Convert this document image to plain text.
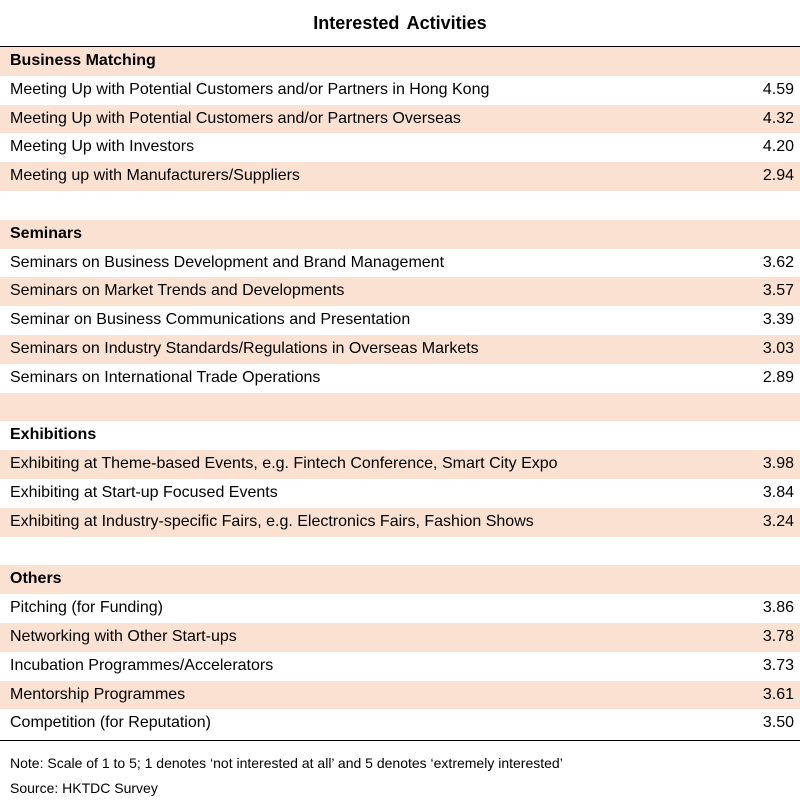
Interested Activities
Business Matching
Meeting Up with Potential Customers and/or Partners in Hong Kong	4.59
Meeting Up with Potential Customers and/or Partners Overseas	4.32
Meeting Up with Investors	4.20
Meeting up with Manufacturers/Suppliers	2.94
Seminars
Seminars on Business Development and Brand Management	3.62
Seminars on Market Trends and Developments	3.57
Seminar on Business Communications and Presentation	3.39
Seminars on Industry Standards/Regulations in Overseas Markets	3.03
Seminars on International Trade Operations	2.89
Exhibitions
Exhibiting at Theme-based Events, e.g. Fintech Conference, Smart City Expo	3.98
Exhibiting at Start-up Focused Events	3.84
Exhibiting at Industry-specific Fairs, e.g. Electronics Fairs, Fashion Shows	3.24
Others
Pitching (for Funding)	3.86
Networking with Other Start-ups	3.78
Incubation Programmes/Accelerators	3.73
Mentorship Programmes	3.61
Competition (for Reputation)	3.50
Note: Scale of 1 to 5; 1 denotes ‘not interested at all’ and 5 denotes ‘extremely interested’
Source: HKTDC Survey
